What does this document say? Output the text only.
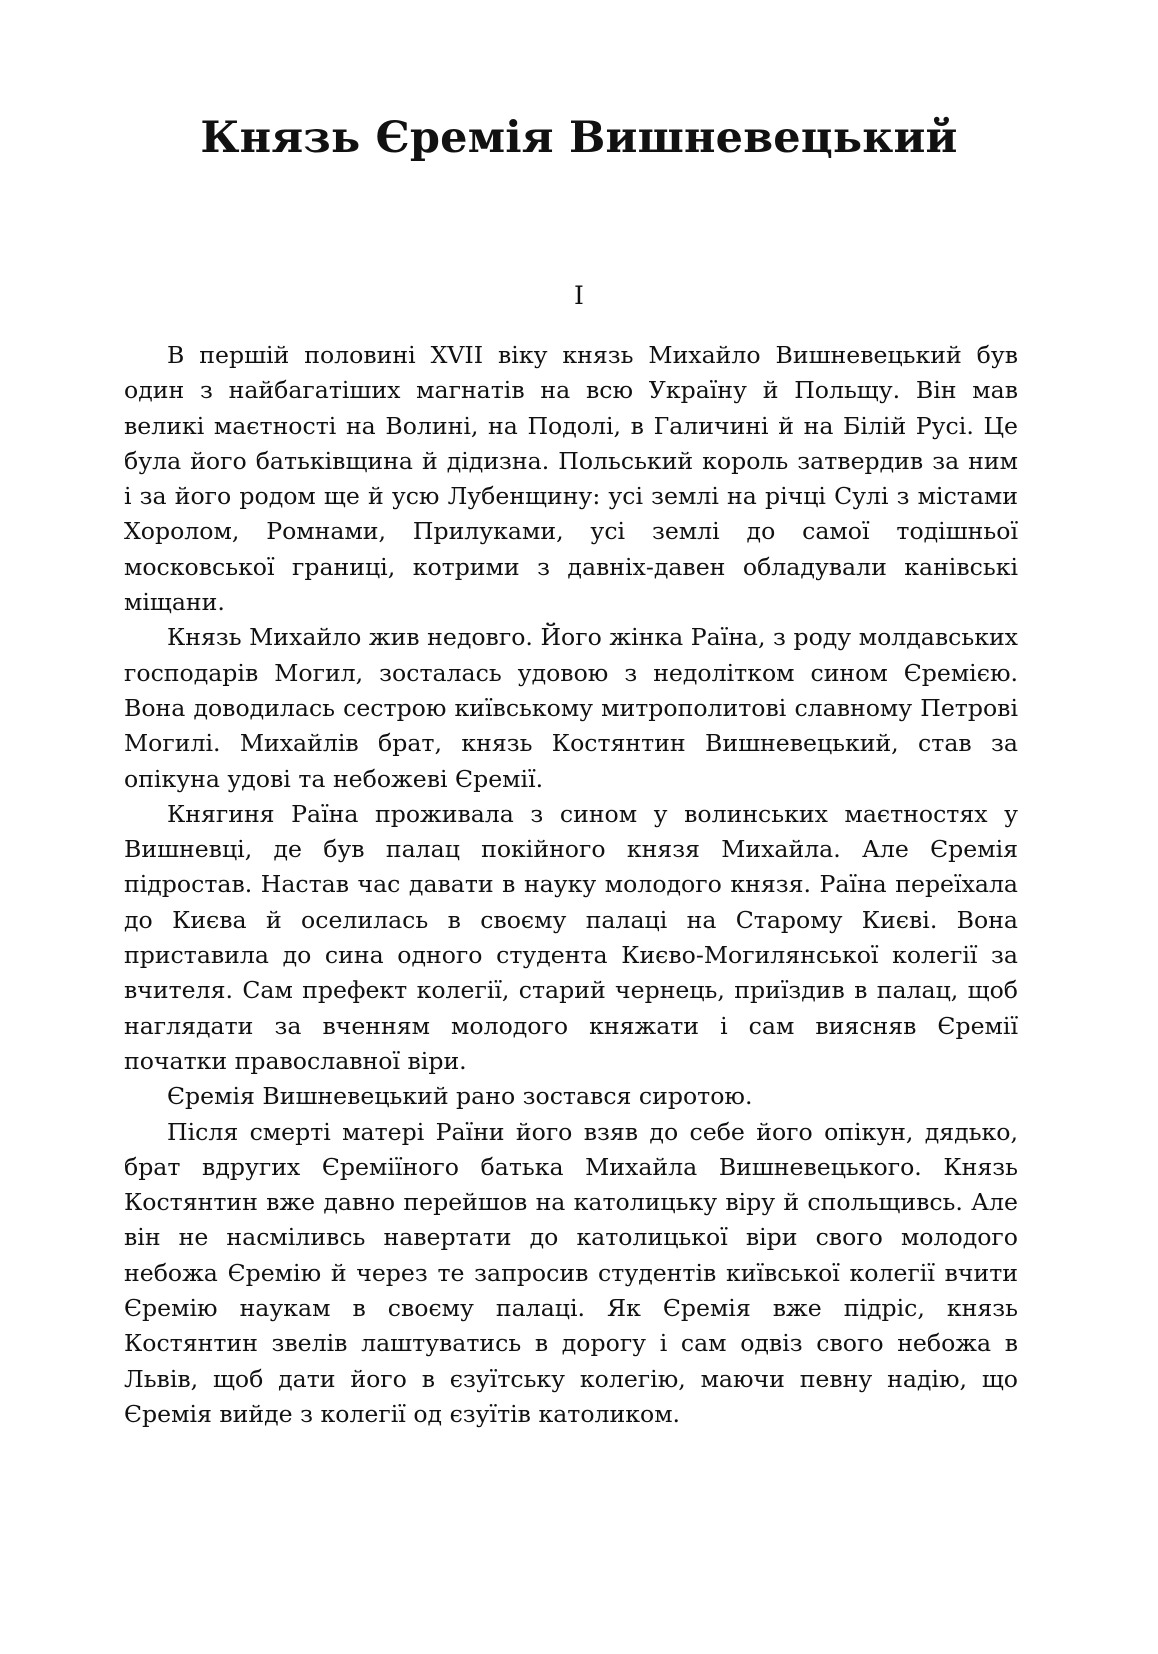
Князь Єремія Вишневецький
I

В першій половині XVII віку князь Михайло Вишневецький був один з найбагатіших магнатів на всю Україну й Польщу. Він мав великі маєтності на Волині, на Подолі, в Галичині й на Білій Русі. Це була його батьківщина й дідизна. Польський король затвердив за ним і за його родом ще й усю Лубенщину: усі землі на річці Сулі з містами Хоролом, Ромнами, Прилуками, усі землі до самої тодішньої московської границі, котрими з давніх-давен обладували канівські міщани.

Князь Михайло жив недовго. Його жінка Раїна, з роду молдавських господарів Могил, зосталась удовою з недолітком сином Єремією. Вона доводилась сестрою київському митрополитові славному Петрові Могилі. Михайлів брат, князь Костянтин Вишневецький, став за опікуна удові та небожеві Єремії.

Княгиня Раїна проживала з сином у волинських маєтностях у Вишневці, де був палац покійного князя Михайла. Але Єремія підростав. Настав час давати в науку молодого князя. Раїна переїхала до Києва й оселилась в своєму палаці на Старому Києві. Вона приставила до сина одного студента Києво-Могилянської колегії за вчителя. Сам префект колегії, старий чернець, приїздив в палац, щоб наглядати за вченням молодого княжати і сам виясняв Єремії початки православної віри.

Єремія Вишневецький рано зостався сиротою.

Після смерті матері Раїни його взяв до себе його опікун, дядько, брат вдругих Єреміїного батька Михайла Вишневецького. Князь Костянтин вже давно перейшов на католицьку віру й спольщивсь. Але він не насміливсь навертати до католицької віри свого молодого небожа Єремію й через те запросив студентів київської колегії вчити Єремію наукам в своєму палаці. Як Єремія вже підріс, князь Костянтин звелів лаштуватись в дорогу і сам одвіз свого небожа в Львів, щоб дати його в єзуїтську колегію, маючи певну надію, що Єремія вийде з колегії од єзуїтів католиком.
